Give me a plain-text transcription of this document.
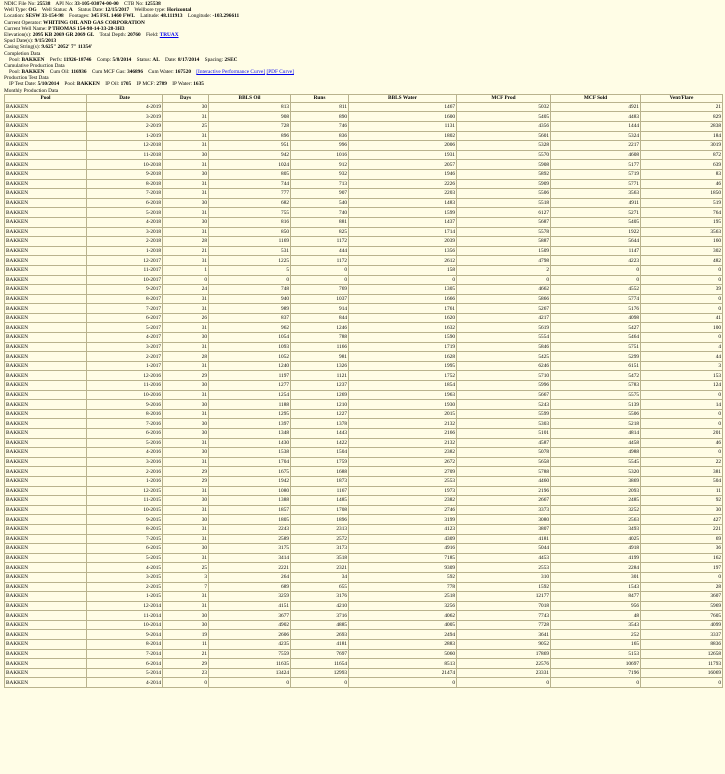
NDIC File No: 25538 API No: 33-105-03074-00-00 CTB No: 125538
Well Type: OG Well Status: A Status Date: 12/15/2017 Wellbore type: Horizontal
Location: SESW 33-154-98 Footages: 345 FSL 1460 FWL Latitude: 48.111913 Longitude: -103.296611
Current Operator: WHITING OIL AND GAS CORPORATION
Current Well Name: P THOMAS 154-98-14-33-28-3H3
Elevation(s): 2095 KB 2069 GR 2069 GL Total Depth: 20760 Field: TRUAX
Spud Date(s): 9/15/2013
Casing String(s): 9.625" 2052' 7" 11354'
Completion Data
Pool: BAKKEN Perfs: 11926-18746 Comp: 5/8/2014 Status: AL Date: 8/17/2014 Spacing: 2SEC
Cumulative Production Data
Pool: BAKKEN Cum Oil: 116936 Cum MCF Gas: 346896 Cum Water: 167520 [Interactive Performance Curve] [PDF Curve]
Production Test Data
IP Test Date: 5/10/2014 Pool: BAKKEN IP Oil: 1705 IP MCF: 2789 IP Water: 1635
Monthly Production Data
Pool	Date	Days	BBLS Oil	Runs	BBLS Water	MCF Prod	MCF Sold	Vent/Flare
BAKKEN	4-2019	30	813	811	1467	5032	4921	21
BAKKEN	3-2019	31	908	890	1600	5405	4483	829
BAKKEN	2-2019	25	728	746	1131	4356	1444	2838
BAKKEN	1-2019	31	896	836	1802	5601	5324	184
BAKKEN	12-2018	31	951	996	2006	5328	2217	3019
BAKKEN	11-2018	30	942	1016	1931	5570	4608	872
BAKKEN	10-2018	31	1024	912	2057	5908	5177	639
BAKKEN	9-2018	30	805	932	1946	5892	5719	83
BAKKEN	8-2018	31	744	713	2226	5909	5771	46
BAKKEN	7-2018	31	777	907	2203	5506	3563	1850
BAKKEN	6-2018	30	682	540	1483	5518	4911	519
BAKKEN	5-2018	31	755	740	1599	6127	5271	764
BAKKEN	4-2018	30	816	881	1437	5687	5405	195
BAKKEN	3-2018	31	850	825	1714	5578	1922	3563
BAKKEN	2-2018	28	1169	1172	2039	5887	5644	160
BAKKEN	1-2018	21	531	444	1356	1509	1147	302
BAKKEN	12-2017	31	1225	1172	2612	4798	4223	482
BAKKEN	11-2017	1	5	0	158	2	0	0
BAKKEN	10-2017	0	0	0	0	0	0	0
BAKKEN	9-2017	24	748	769	1305	4662	4552	39
BAKKEN	8-2017	31	940	1037	1666	5866	5774	0
BAKKEN	7-2017	31	989	914	1761	5267	5176	0
BAKKEN	6-2017	26	837	844	1620	4217	4098	41
BAKKEN	5-2017	31	962	1246	1632	5619	5427	100
BAKKEN	4-2017	30	1054	788	1590	5554	5464	0
BAKKEN	3-2017	31	1093	1166	1719	5846	5751	4
BAKKEN	2-2017	28	1052	981	1628	5425	5299	44
BAKKEN	1-2017	31	1240	1326	1995	6246	6151	3
BAKKEN	12-2016	29	1197	1121	1752	5710	5472	153
BAKKEN	11-2016	30	1277	1237	1854	5996	5783	124
BAKKEN	10-2016	31	1254	1269	1963	5667	5575	0
BAKKEN	9-2016	30	1188	1210	1930	5243	5139	14
BAKKEN	8-2016	31	1295	1227	2015	5599	5506	0
BAKKEN	7-2016	30	1397	1378	2132	5303	5218	0
BAKKEN	6-2016	30	1348	1443	2166	5101	4814	201
BAKKEN	5-2016	31	1430	1422	2132	4587	4458	46
BAKKEN	4-2016	30	1538	1504	2382	5078	4988	0
BAKKEN	3-2016	31	1704	1759	2672	5658	5545	22
BAKKEN	2-2016	29	1675	1688	2709	5788	5320	381
BAKKEN	1-2016	29	1942	1873	2553	4460	3869	504
BAKKEN	12-2015	31	1080	1167	1973	2196	2093	11
BAKKEN	11-2015	30	1388	1485	2382	2667	2485	92
BAKKEN	10-2015	31	1857	1708	2746	3373	3252	30
BAKKEN	9-2015	30	1805	1896	3199	3080	2563	427
BAKKEN	8-2015	31	2243	2313	4123	3807	3493	221
BAKKEN	7-2015	31	2589	2572	4309	4181	4025	69
BAKKEN	6-2015	30	3175	3173	4916	5044	4918	36
BAKKEN	5-2015	31	3414	3518	7185	4453	4199	162
BAKKEN	4-2015	25	2221	2321	9309	2553	2284	197
BAKKEN	3-2015	3	264	34	592	310	301	0
BAKKEN	2-2015	7	689	655	778	1592	1543	28
BAKKEN	1-2015	31	3259	3176	2518	12177	8477	3607
BAKKEN	12-2014	31	4151	4210	3256	7018	956	5969
BAKKEN	11-2014	30	3677	3716	4062	7743	48	7605
BAKKEN	10-2014	30	4902	4885	4005	7728	3543	4099
BAKKEN	9-2014	19	2606	2693	2494	3641	252	3337
BAKKEN	8-2014	11	4235	4181	2883	9052	165	8836
BAKKEN	7-2014	21	7559	7697	5060	17869	5153	12658
BAKKEN	6-2014	29	11635	11654	8513	22576	10697	11793
BAKKEN	5-2014	23	13424	12993	21474	23331	7196	16069
BAKKEN	4-2014	0	0	0	0	0	0	0
